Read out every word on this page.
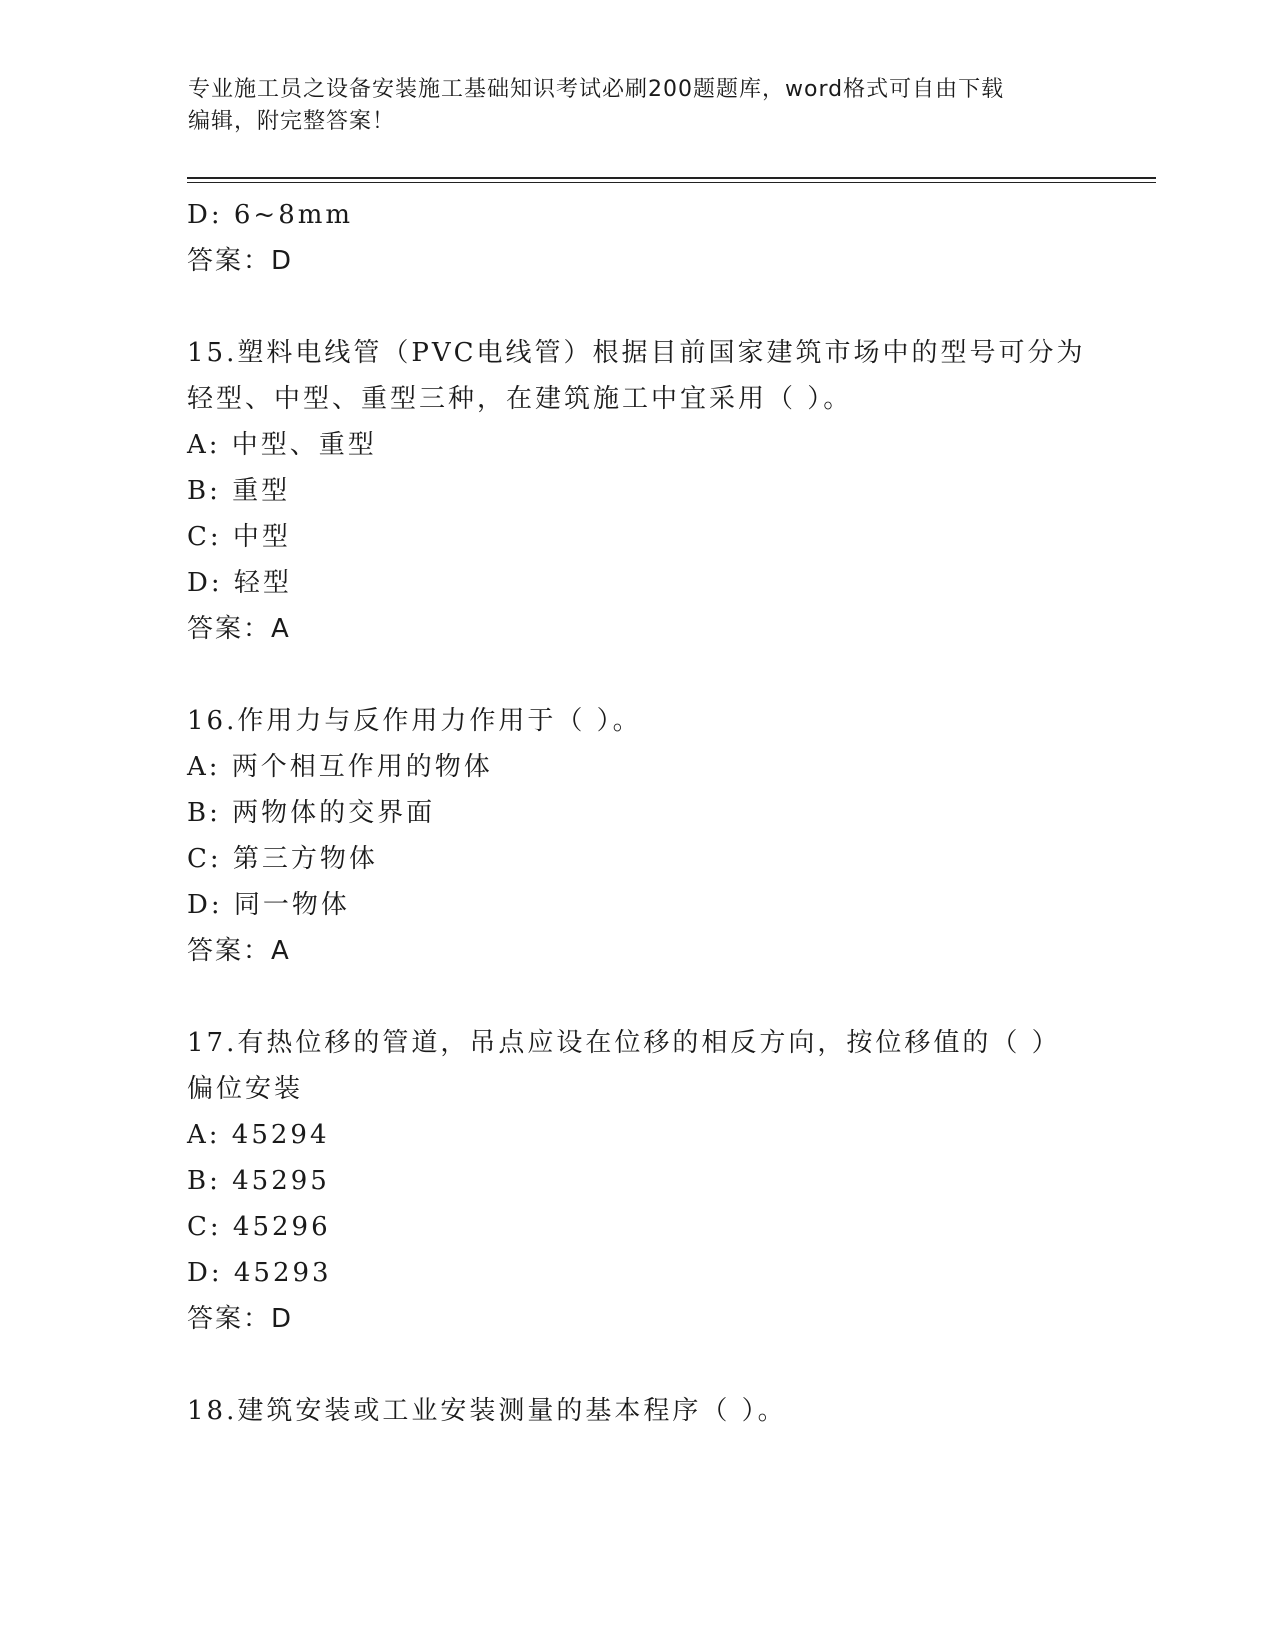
专业施工员之设备安装施工基础知识考试必刷200题题库，word格式可自由下载
编辑，附完整答案！
D: 6~8mm
答案：D
15.塑料电线管（PVC电线管）根据目前国家建筑市场中的型号可分为
轻型、中型、重型三种，在建筑施工中宜采用（ ）。
A: 中型、重型
B: 重型
C: 中型
D: 轻型
答案：A
16.作用力与反作用力作用于（ ）。
A: 两个相互作用的物体
B: 两物体的交界面
C: 第三方物体
D: 同一物体
答案：A
17.有热位移的管道，吊点应设在位移的相反方向，按位移值的（ ）
偏位安装
A: 45294
B: 45295
C: 45296
D: 45293
答案：D
18.建筑安装或工业安装测量的基本程序（ ）。
